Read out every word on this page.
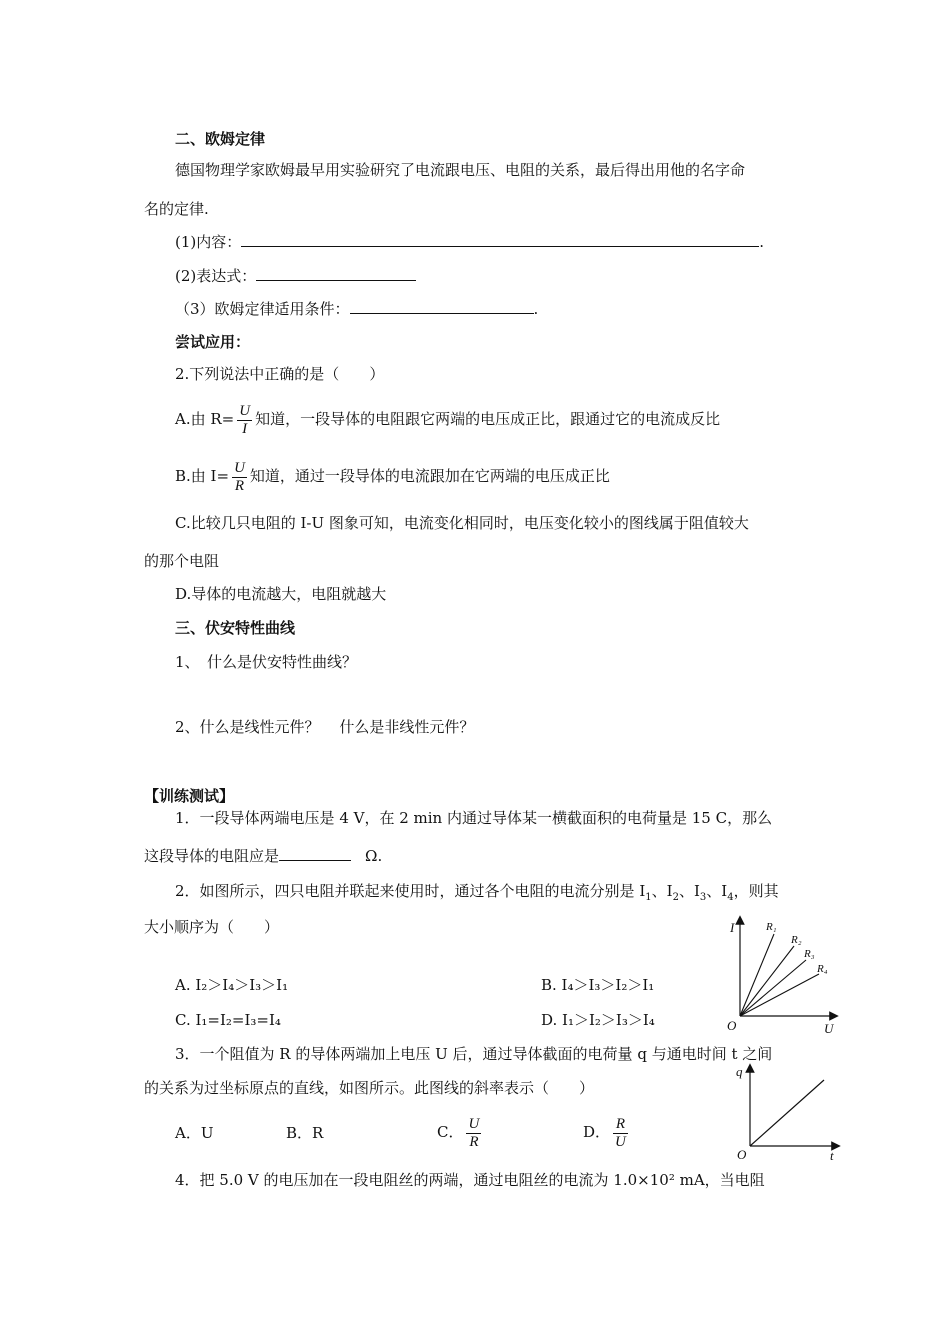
二、欧姆定律
德国物理学家欧姆最早用实验研究了电流跟电压、电阻的关系，最后得出用他的名字命
名的定律.
(1)内容：	.
(2)表达式：
（3）欧姆定律适用条件：	.
尝试应用：
2.下列说法中正确的是（　　）
A.由 $R= \frac{U}{I}$ 知道，一段导体的电阻跟它两端的电压成正比，跟通过它的电流成反比
B.由 $I= \frac{U}{R}$ 知道，通过一段导体的电流跟加在它两端的电压成正比
C.比较几只电阻的 I-U 图象可知，电流变化相同时，电压变化较小的图线属于阻值较大
的那个电阻
D.导体的电流越大，电阻就越大
三、伏安特性曲线
1、　什么是伏安特性曲线？
2、什么是线性元件？　 什么是非线性元件？
【训练测试】
1．一段导体两端电压是 4 V，在 2 min 内通过导体某一横截面积的电荷量是 15 C，那么
这段导体的电阻应是	Ω.
2．如图所示，四只电阻并联起来使用时，通过各个电阻的电流分别是 $I_1$、$I_2$、$I_3$、$I_4$，则其
大小顺序为（　　）
A. I₂＞I₄＞I₃＞I₁	B. I₄＞I₃＞I₂＞I₁
C. I₁=I₂=I₃=I₄	D. I₁＞I₂＞I₃＞I₄
I
U
O
R₁
R₂
R₃
R₄
3．一个阻值为 R 的导体两端加上电压 U 后，通过导体截面的电荷量 q 与通电时间 t 之间
的关系为过坐标原点的直线，如图所示。此图线的斜率表示（　　）
A．U	B．R	C． $\frac{U}{R}$	D． $\frac{R}{U}$
q
t
O
4．把 5.0 V 的电压加在一段电阻丝的两端，通过电阻丝的电流为 1.0×10² mA，当电阻
